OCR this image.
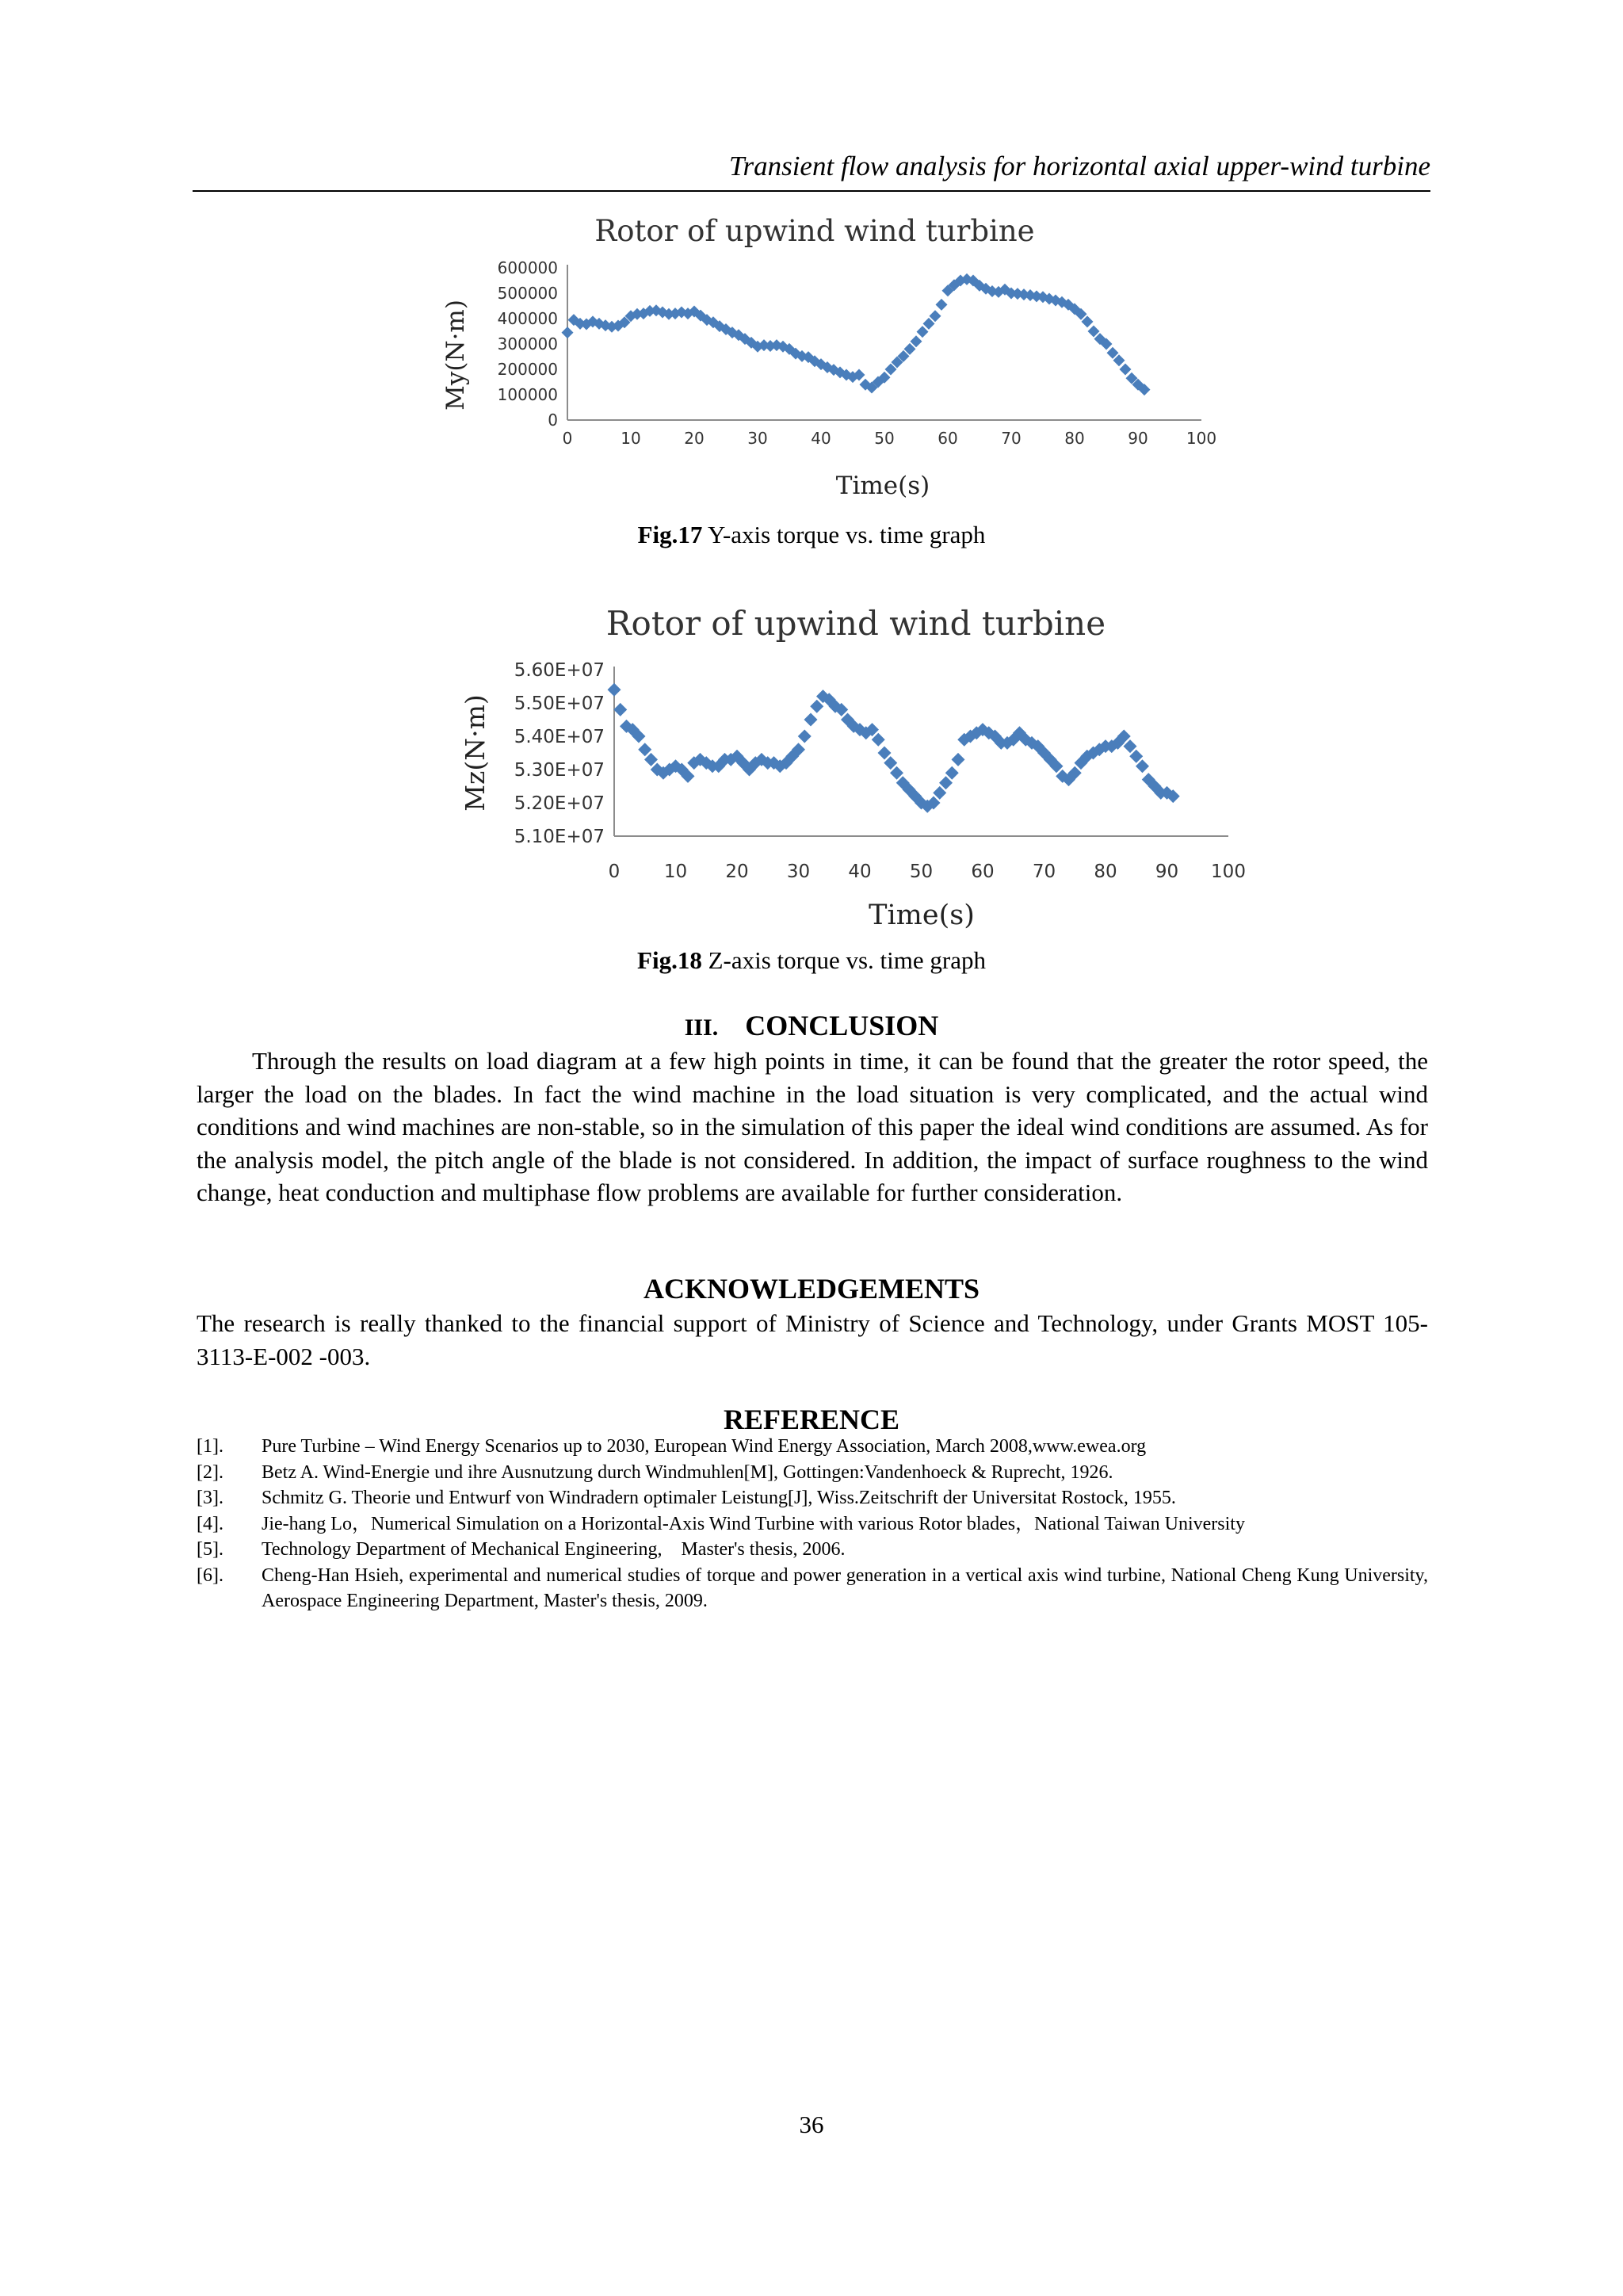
Transient flow analysis for horizontal axial upper-wind turbine
Rotor of upwind wind turbine
My(N·m)
Time(s)
0
100000
200000
300000
400000
500000
600000
0	10	20	30	40	50	60	70	80	90 100
Fig.17 Y-axis torque vs. time graph
Rotor of upwind wind turbine
Mz(N·m)
Time(s)
5.10E+07
5.20E+07
5.30E+07
5.40E+07
5.50E+07
5.60E+07
0 10 20 30 40 50 60 70 80 90 100
Fig.18 Z-axis torque vs. time graph
III. CONCLUSION

Through the results on load diagram at a few high points in time, it can be found that the greater the rotor speed, the larger the load on the blades. In fact the wind machine in the load situation is very complicated, and the actual wind conditions and wind machines are non-stable, so in the simulation of this paper the ideal wind conditions are assumed. As for the analysis model, the pitch angle of the blade is not considered. In addition, the impact of surface roughness to the wind change, heat conduction and multiphase flow problems are available for further consideration.

ACKNOWLEDGEMENTS

The research is really thanked to the financial support of Ministry of Science and Technology, under Grants MOST 105-3113-E-002 -003.

REFERENCE
[1]. Pure Turbine – Wind Energy Scenarios up to 2030, European Wind Energy Association, March 2008,www.ewea.org
[2]. Betz A. Wind-Energie und ihre Ausnutzung durch Windmuhlen[M], Gottingen:Vandenhoeck & Ruprecht, 1926.
[3]. Schmitz G. Theorie und Entwurf von Windradern optimaler Leistung[J], Wiss.Zeitschrift der Universitat Rostock, 1955.
[4]. Jie-hang Lo，Numerical Simulation on a Horizontal-Axis Wind Turbine with various Rotor blades，National Taiwan University
[5]. Technology Department of Mechanical Engineering,    Master's thesis, 2006.
[6]. Cheng-Han Hsieh, experimental and numerical studies of torque and power generation in a vertical axis wind turbine, National Cheng Kung University, Aerospace Engineering Department, Master's thesis, 2009.
36
